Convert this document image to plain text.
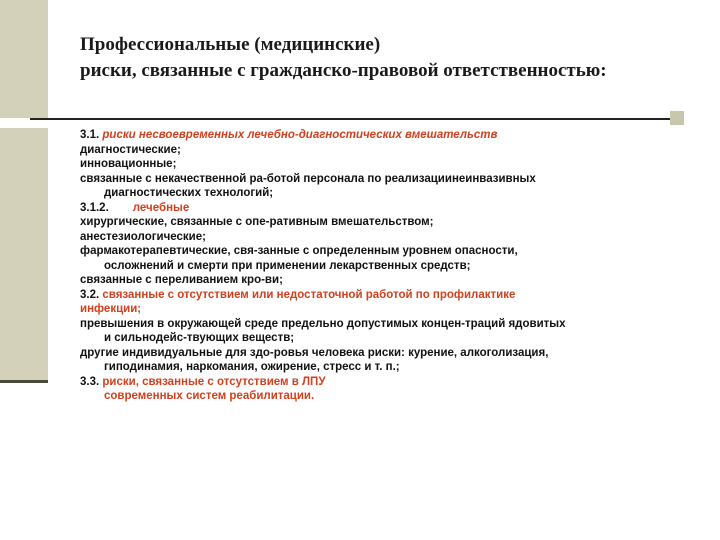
Профессиональные (медицинские)
риски, связанные с гражданско-правовой ответственностью:
3.1. риски несвоевременных лечебно-диагностических вмешательств
диагностические;
инновационные;
связанные с некачественной ра-ботой персонала по реализациинеинвазивных
диагностических технологий;
3.1.2. лечебные
хирургические, связанные с опе-ративным вмешательством;
анестезиологические;
фармакотерапевтические, свя-занные с определенным уровнем опасности,
осложнений и смерти при применении лекарственных средств;
связанные с переливанием кро-ви;
3.2. связанные с отсутствием или недостаточной работой по профилактике
инфекции;
превышения в окружающей среде предельно допустимых концен-траций ядовитых
и сильнодейс-твующих веществ;
другие индивидуальные для здо-ровья человека риски: курение, алкоголизация,
гиподинамия, наркомания, ожирение, стресс и т. п.;
3.3. риски, связанные с отсутствием в ЛПУ
современных систем реабилитации.
